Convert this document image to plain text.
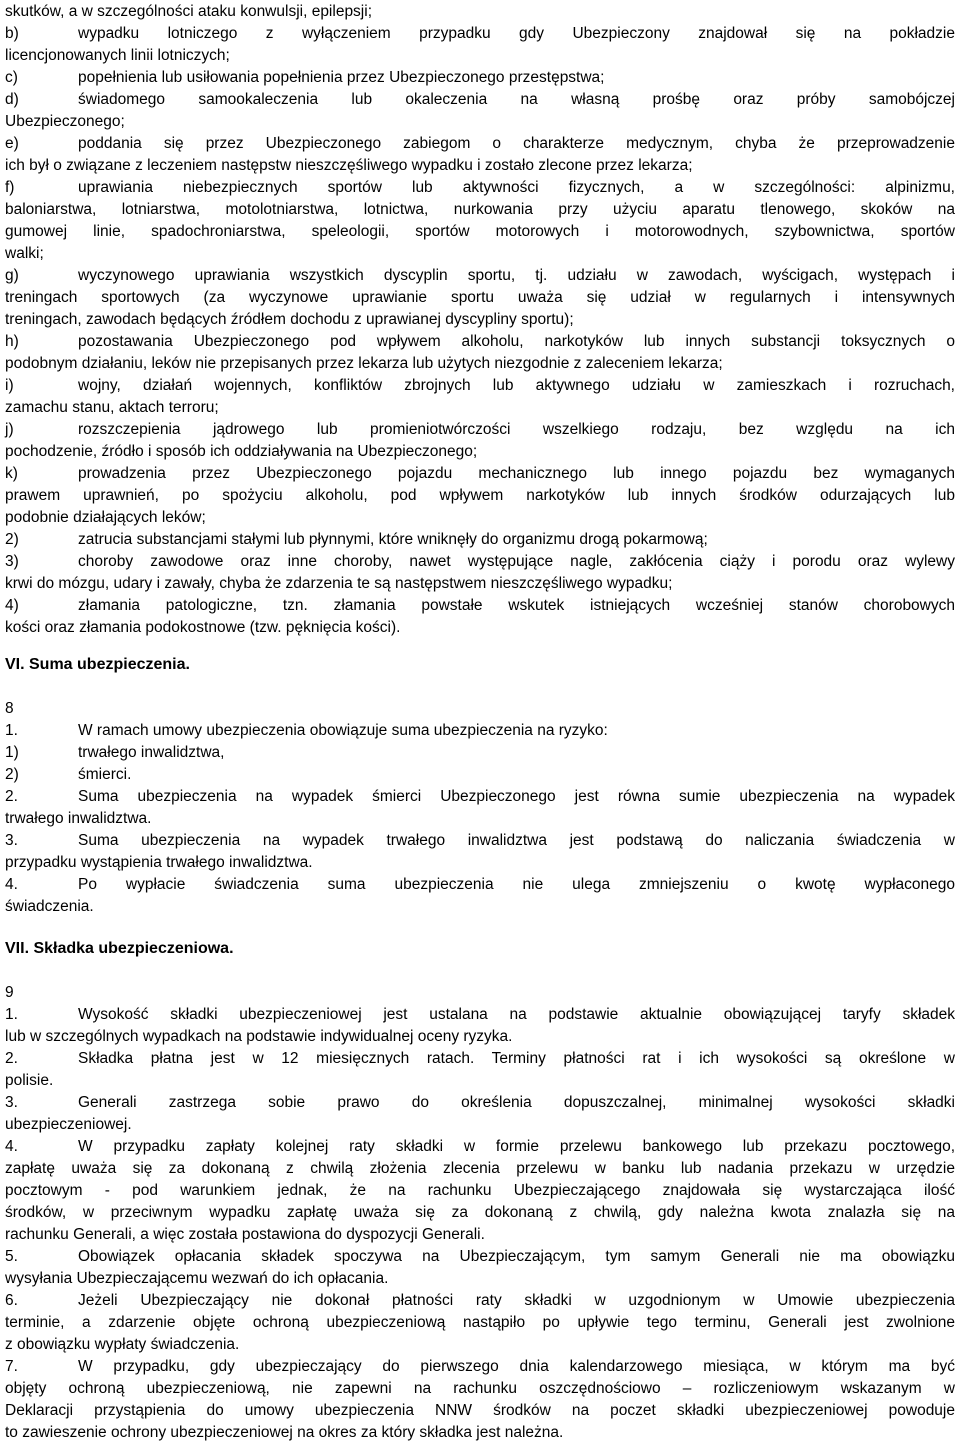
skutków, a w szczególności ataku konwulsji, epilepsji;
b)	wypadku lotniczego z wyłączeniem przypadku gdy Ubezpieczony znajdował się na pokładzie
licencjonowanych linii lotniczych;
c)	popełnienia lub usiłowania popełnienia przez Ubezpieczonego przestępstwa;
d)	świadomego samookaleczenia lub okaleczenia na własną prośbę oraz próby samobójczej
Ubezpieczonego;
e)	poddania się przez Ubezpieczonego zabiegom o charakterze medycznym, chyba że przeprowadzenie
ich był o związane z leczeniem następstw nieszczęśliwego wypadku i zostało zlecone przez lekarza;
f)	uprawiania niebezpiecznych sportów lub aktywności fizycznych, a w szczególności: alpinizmu,
baloniarstwa, lotniarstwa, motolotniarstwa, lotnictwa, nurkowania przy użyciu aparatu tlenowego, skoków na
gumowej linie, spadochroniarstwa, speleologii, sportów motorowych i motorowodnych, szybownictwa, sportów
walki;
g)	wyczynowego uprawiania wszystkich dyscyplin sportu, tj. udziału w zawodach, wyścigach, występach i
treningach sportowych (za wyczynowe uprawianie sportu uważa się udział w regularnych i intensywnych
treningach, zawodach będących źródłem dochodu z uprawianej dyscypliny sportu);
h)	pozostawania Ubezpieczonego pod wpływem alkoholu, narkotyków lub innych substancji toksycznych o
podobnym działaniu, leków nie przepisanych przez lekarza lub użytych niezgodnie z zaleceniem lekarza;
i)	wojny, działań wojennych, konfliktów zbrojnych lub aktywnego udziału w zamieszkach i rozruchach,
zamachu stanu, aktach terroru;
j)	rozszczepienia jądrowego lub promieniotwórczości wszelkiego rodzaju, bez względu na ich
pochodzenie, źródło i sposób ich oddziaływania na Ubezpieczonego;
k)	prowadzenia przez Ubezpieczonego pojazdu mechanicznego lub innego pojazdu bez wymaganych
prawem uprawnień, po spożyciu alkoholu, pod wpływem narkotyków lub innych środków odurzających lub
podobnie działających leków;
2)	zatrucia substancjami stałymi lub płynnymi, które wniknęły do organizmu drogą pokarmową;
3)	choroby zawodowe oraz inne choroby, nawet występujące nagle, zakłócenia ciąży i porodu oraz wylewy
krwi do mózgu, udary i zawały, chyba że zdarzenia te są następstwem nieszczęśliwego wypadku;
4)	złamania patologiczne, tzn. złamania powstałe wskutek istniejących wcześniej stanów chorobowych
kości oraz złamania podokostnowe (tzw. pęknięcia kości).
VI. Suma ubezpieczenia.
8
1.	W ramach umowy ubezpieczenia obowiązuje suma ubezpieczenia na ryzyko:
1)	trwałego inwalidztwa,
2)	śmierci.
2.	Suma ubezpieczenia na wypadek śmierci Ubezpieczonego jest równa sumie ubezpieczenia na wypadek
trwałego inwalidztwa.
3.	Suma ubezpieczenia na wypadek trwałego inwalidztwa jest podstawą do naliczania świadczenia w
przypadku wystąpienia trwałego inwalidztwa.
4.	Po wypłacie świadczenia suma ubezpieczenia nie ulega zmniejszeniu o kwotę wypłaconego
świadczenia.
VII. Składka ubezpieczeniowa.
9
1.	Wysokość składki ubezpieczeniowej jest ustalana na podstawie aktualnie obowiązującej taryfy składek
lub w szczególnych wypadkach na podstawie indywidualnej oceny ryzyka.
2.	Składka płatna jest w 12 miesięcznych ratach. Terminy płatności rat i ich wysokości są określone w
polisie.
3.	Generali zastrzega sobie prawo do określenia dopuszczalnej, minimalnej wysokości składki
ubezpieczeniowej.
4.	W przypadku zapłaty kolejnej raty składki w formie przelewu bankowego lub przekazu pocztowego,
zapłatę uważa się za dokonaną z chwilą złożenia zlecenia przelewu w banku lub nadania przekazu w urzędzie
pocztowym - pod warunkiem jednak, że na rachunku Ubezpieczającego znajdowała się wystarczająca ilość
środków, w przeciwnym wypadku zapłatę uważa się za dokonaną z chwilą, gdy należna kwota znalazła się na
rachunku Generali, a więc została postawiona do dyspozycji Generali.
5.	Obowiązek opłacania składek spoczywa na Ubezpieczającym, tym samym Generali nie ma obowiązku
wysyłania Ubezpieczającemu wezwań do ich opłacania.
6.	Jeżeli Ubezpieczający nie dokonał płatności raty składki w uzgodnionym w Umowie ubezpieczenia
terminie, a zdarzenie objęte ochroną ubezpieczeniową nastąpiło po upływie tego terminu, Generali jest zwolnione
z obowiązku wypłaty świadczenia.
7.	W przypadku, gdy ubezpieczający do pierwszego dnia kalendarzowego miesiąca, w którym ma być
objęty ochroną ubezpieczeniową, nie zapewni na rachunku oszczędnościowo – rozliczeniowym wskazanym w
Deklaracji przystąpienia do umowy ubezpieczenia NNW środków na poczet składki ubezpieczeniowej powoduje
to zawieszenie ochrony ubezpieczeniowej na okres za który składka jest należna.
